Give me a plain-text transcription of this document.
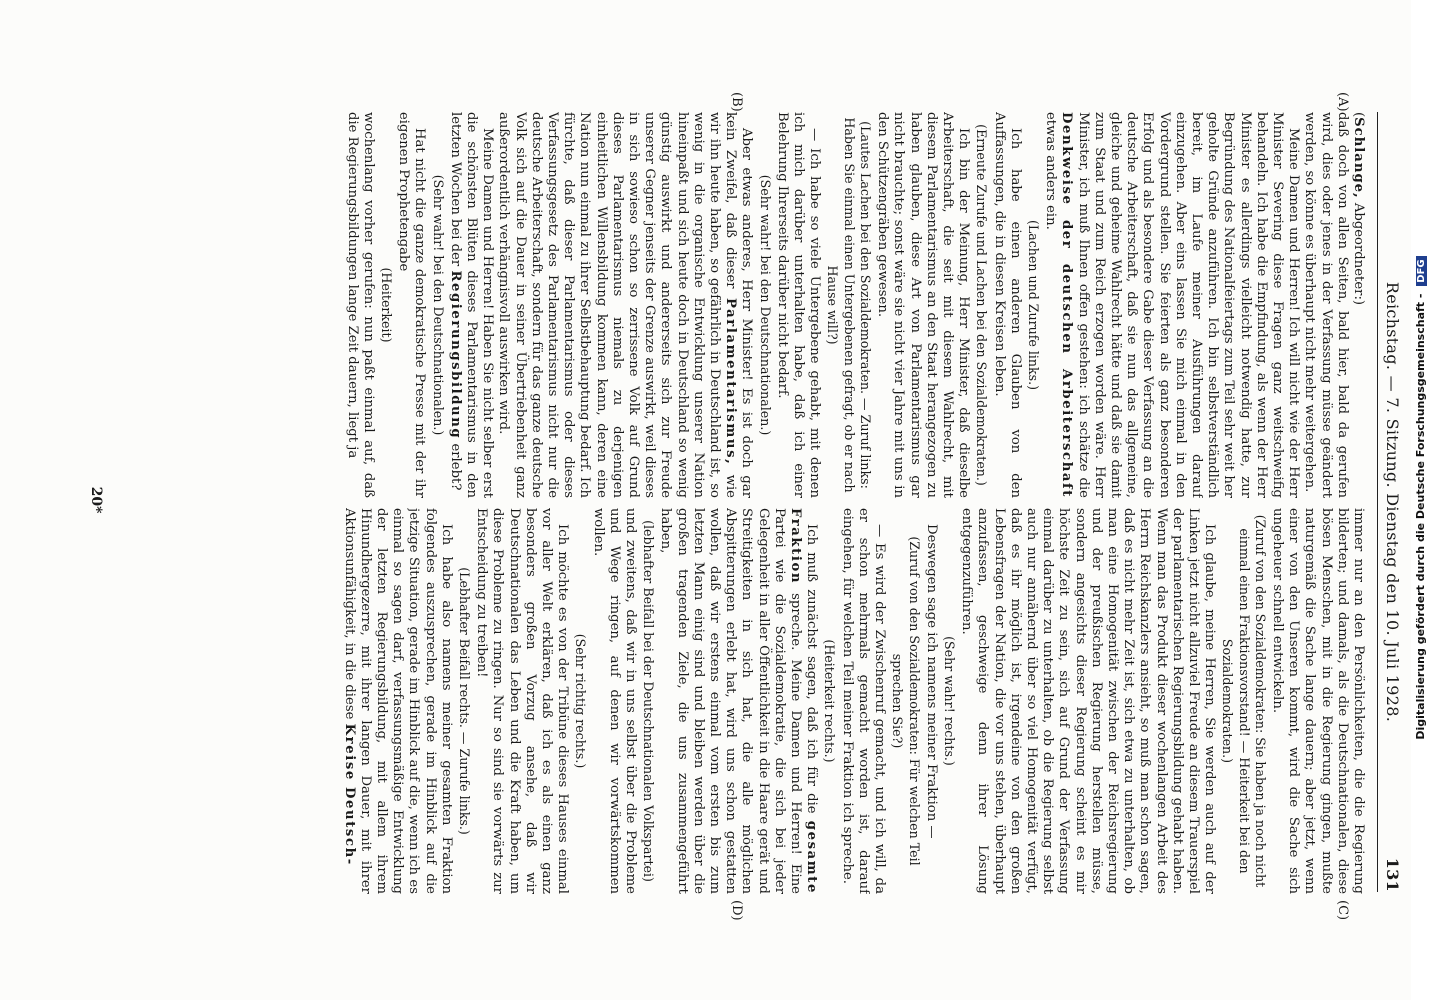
Reichstag. — 7. Sitzung. Dienstag den 10. Juli 1928.
131
(A)
(B)
(C)
(D)

(Schlange, Abgeordneter:)

daß doch von allen Seiten, bald hier, bald da gerufen wird, dies oder jenes in der Verfassung müsse geändert werden, so könne es überhaupt nicht mehr weitergehen.

Meine Damen und Herren! Ich will nicht wie der Herr Minister Severing diese Fragen ganz weitschweifig behandeln. Ich habe die Empfindung, als wenn der Herr Minister es allerdings vielleicht notwendig hatte, zur Begründung des Nationalfeiertags zum Teil sehr weit her geholte Gründe anzuführen. Ich bin selbstverständlich bereit, im Laufe meiner Ausführungen darauf einzugehen. Aber eins lassen Sie mich einmal in den Vordergrund stellen. Sie feierten als ganz besonderen Erfolg und als besondere Gabe dieser Verfassung an die deutsche Arbeiterschaft, daß sie nun das allgemeine, gleiche und geheime Wahlrecht hätte und daß sie damit zum Staat und zum Reich erzogen worden wäre. Herr Minister, ich muß Ihnen offen gestehen: ich schätze die Denkweise der deutschen Arbeiterschaft etwas anders ein.

(Lachen und Zurufe links.)

Ich habe einen anderen Glauben von den Auffassungen, die in diesen Kreisen leben.

(Erneute Zurufe und Lachen bei den Sozialdemokraten.)

Ich bin der Meinung, Herr Minister, daß dieselbe Arbeiterschaft, die seit mit diesem Wahlrecht, mit diesem Parlamentarismus an den Staat herangezogen zu haben glauben, diese Art von Parlamentarismus gar nicht brauchte; sonst wäre sie nicht vier Jahre mit uns in den Schützengräben gewesen.

(Lautes Lachen bei den Sozialdemokraten. — Zuruf links: Haben Sie einmal einen Untergebenen gefragt, ob er nach Hause will?)

— Ich habe so viele Untergebene gehabt, mit denen ich mich darüber unterhalten habe, daß ich einer Belehrung Ihrerseits darüber nicht bedarf.

(Sehr wahr! bei den Deutschnationalen.)

Aber etwas anderes, Herr Minister! Es ist doch gar kein Zweifel, daß dieser Parlamentarismus, wie wir ihn heute haben, so gefährlich in Deutschland ist, so wenig in die organische Entwicklung unserer Nation hineinpaßt und sich heute doch in Deutschland so wenig günstig auswirkt und andererseits sich zur Freude unserer Gegner jenseits der Grenze auswirkt, weil dieses in sich sowieso schon so zerrissene Volk auf Grund dieses Parlamentarismus niemals zu derjenigen einheitlichen Willensbildung kommen kann, deren eine Nation nun einmal zu ihrer Selbstbehauptung bedarf. Ich fürchte, daß dieser Parlamentarismus oder dieses Verfassungsgesetz des Parlamentarismus nicht nur die deutsche Arbeiterschaft, sondern für das ganze deutsche Volk sich auf die Dauer in seiner Übertriebenheit ganz außerordentlich verhängnisvoll auswirken wird.

Meine Damen und Herren! Haben Sie nicht selber erst die schönsten Blüten dieses Parlamentarismus in den letzten Wochen bei der Regierungsbildung erlebt?

(Sehr wahr! bei den Deutschnationalen.)

Hat nicht die ganze demokratische Presse mit der ihr eigenen Prophetengabe

(Heiterkeit)

wochenlang vorher gerufen: nun paßt einmal auf, daß die Regierungsbildungen lange Zeit dauern, liegt ja

immer nur an den Persönlichkeiten, die die Regierung bilderten; und damals, als die Deutschnationalen, diese bösen Menschen, mit in die Regierung gingen, mußte naturgemäß die Sache lange dauern; aber jetzt, wenn einer von den Unseren kommt, wird die Sache sich ungeheuer schnell entwickeln.

(Zuruf von den Sozialdemokraten: Sie haben ja noch nicht einmal einen Fraktionsvorstand! — Heiterkeit bei den Sozialdemokraten.)

Ich glaube, meine Herren, Sie werden auch auf der Linken jetzt nicht allzuviel Freude an diesem Trauerspiel der parlamentarischen Regierungsbildung gehabt haben. Wenn man das Produkt dieser wochenlangen Arbeit des Herrn Reichskanzlers ansieht, so muß man schon sagen, daß es nicht mehr Zeit ist, sich etwa zu unterhalten, ob man eine Homogenität zwischen der Reichsregierung und der preußischen Regierung herstellen müsse, sondern angesichts dieser Regierung scheint es mir höchste Zeit zu sein, sich auf Grund der Verfassung einmal darüber zu unterhalten, ob die Regierung selbst auch nur annähernd über so viel Homogenität verfügt, daß es ihr möglich ist, irgendeine von den großen Lebensfragen der Nation, die vor uns stehen, überhaupt anzufassen, geschweige denn ihrer Lösung entgegenzuführen.

(Sehr wahr! rechts.)

Deswegen sage ich namens meiner Fraktion —

(Zuruf von den Sozialdemokraten: Für welchen Teil sprechen Sie?)

— Es wird der Zwischenruf gemacht, und ich will, da er schon mehrmals gemacht worden ist, darauf eingehen, für welchen Teil meiner Fraktion ich spreche.

(Heiterkeit rechts.)

Ich muß zunächst sagen, daß ich für die gesamte Fraktion spreche. Meine Damen und Herren! Eine Partei wie die Sozialdemokratie, die sich bei jeder Gelegenheit in aller Öffentlichkeit in die Haare gerät und Streitigkeiten in sich hat, die alle möglichen Abspitterungen erlebt hat, wird uns schon gestatten wollen, daß wir erstens einmal vom ersten bis zum letzten Mann einig sind und bleiben werden über die großen tragenden Ziele, die uns zusammengeführt haben,

(lebhafter Beifall bei der Deutschnationalen Volkspartei)

und zweitens, daß wir in uns selbst über die Probleme und Wege ringen, auf denen wir vorwärtskommen wollen.

(Sehr richtig rechts.)

Ich möchte es von der Tribüne dieses Hauses einmal vor aller Welt erklären, daß ich es als einen ganz besonders großen Vorzug ansehe, daß wir Deutschnationalen das Leben und die Kraft haben, um diese Probleme zu ringen. Nur so sind sie vorwärts zur Entscheidung zu treiben!

(Lebhafter Beifall rechts. — Zurufe links.)

Ich habe also namens meiner gesamten Fraktion folgendes auszusprechen, gerade im Hinblick auf die jetzige Situation, gerade im Hinblick auf die, wenn ich es einmal so sagen darf, verfassungsmäßige Entwicklung der letzten Regierungsbildung, mit allem ihrem Hinundhergezerre, mit ihrer langen Dauer, mit ihrer Aktionsunfähigkeit, in die diese Kreise Deutsch-

20*	Digitalisierung gefördert durch die Deutsche Forschungsgemeinschaft - DFG
